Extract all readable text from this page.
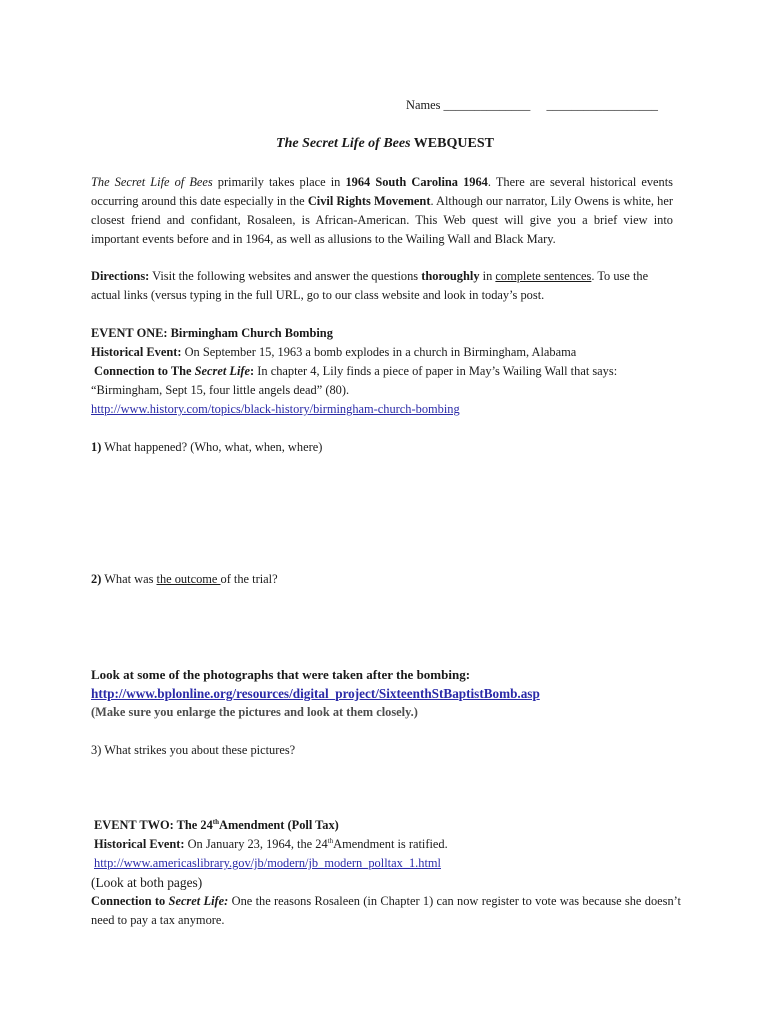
Names ______________ __________________
The Secret Life of Bees WEBQUEST

The Secret Life of Bees primarily takes place in 1964 South Carolina 1964. There are several historical events occurring around this date especially in the Civil Rights Movement. Although our narrator, Lily Owens is white, her closest friend and confidant, Rosaleen, is African-American. This Web quest will give you a brief view into important events before and in 1964, as well as allusions to the Wailing Wall and Black Mary.

Directions: Visit the following websites and answer the questions thoroughly in complete sentences. To use the actual links (versus typing in the full URL, go to our class website and look in today’s post.

EVENT ONE: Birmingham Church Bombing

Historical Event: On September 15, 1963 a bomb explodes in a church in Birmingham, Alabama

Connection to The Secret Life: In chapter 4, Lily finds a piece of paper in May’s Wailing Wall that says: “Birmingham, Sept 15, four little angels dead” (80).

http://www.history.com/topics/black-history/birmingham-church-bombing

1) What happened? (Who, what, when, where)

2) What was the outcome of the trial?

Look at some of the photographs that were taken after the bombing:

http://www.bplonline.org/resources/digital_project/SixteenthStBaptistBomb.asp

(Make sure you enlarge the pictures and look at them closely.)

3) What strikes you about these pictures?

EVENT TWO: The 24thAmendment (Poll Tax)

Historical Event: On January 23, 1964, the 24thAmendment is ratified.

http://www.americaslibrary.gov/jb/modern/jb_modern_polltax_1.html

(Look at both pages)

Connection to Secret Life: One the reasons Rosaleen (in Chapter 1) can now register to vote was because she doesn’t need to pay a tax anymore.
